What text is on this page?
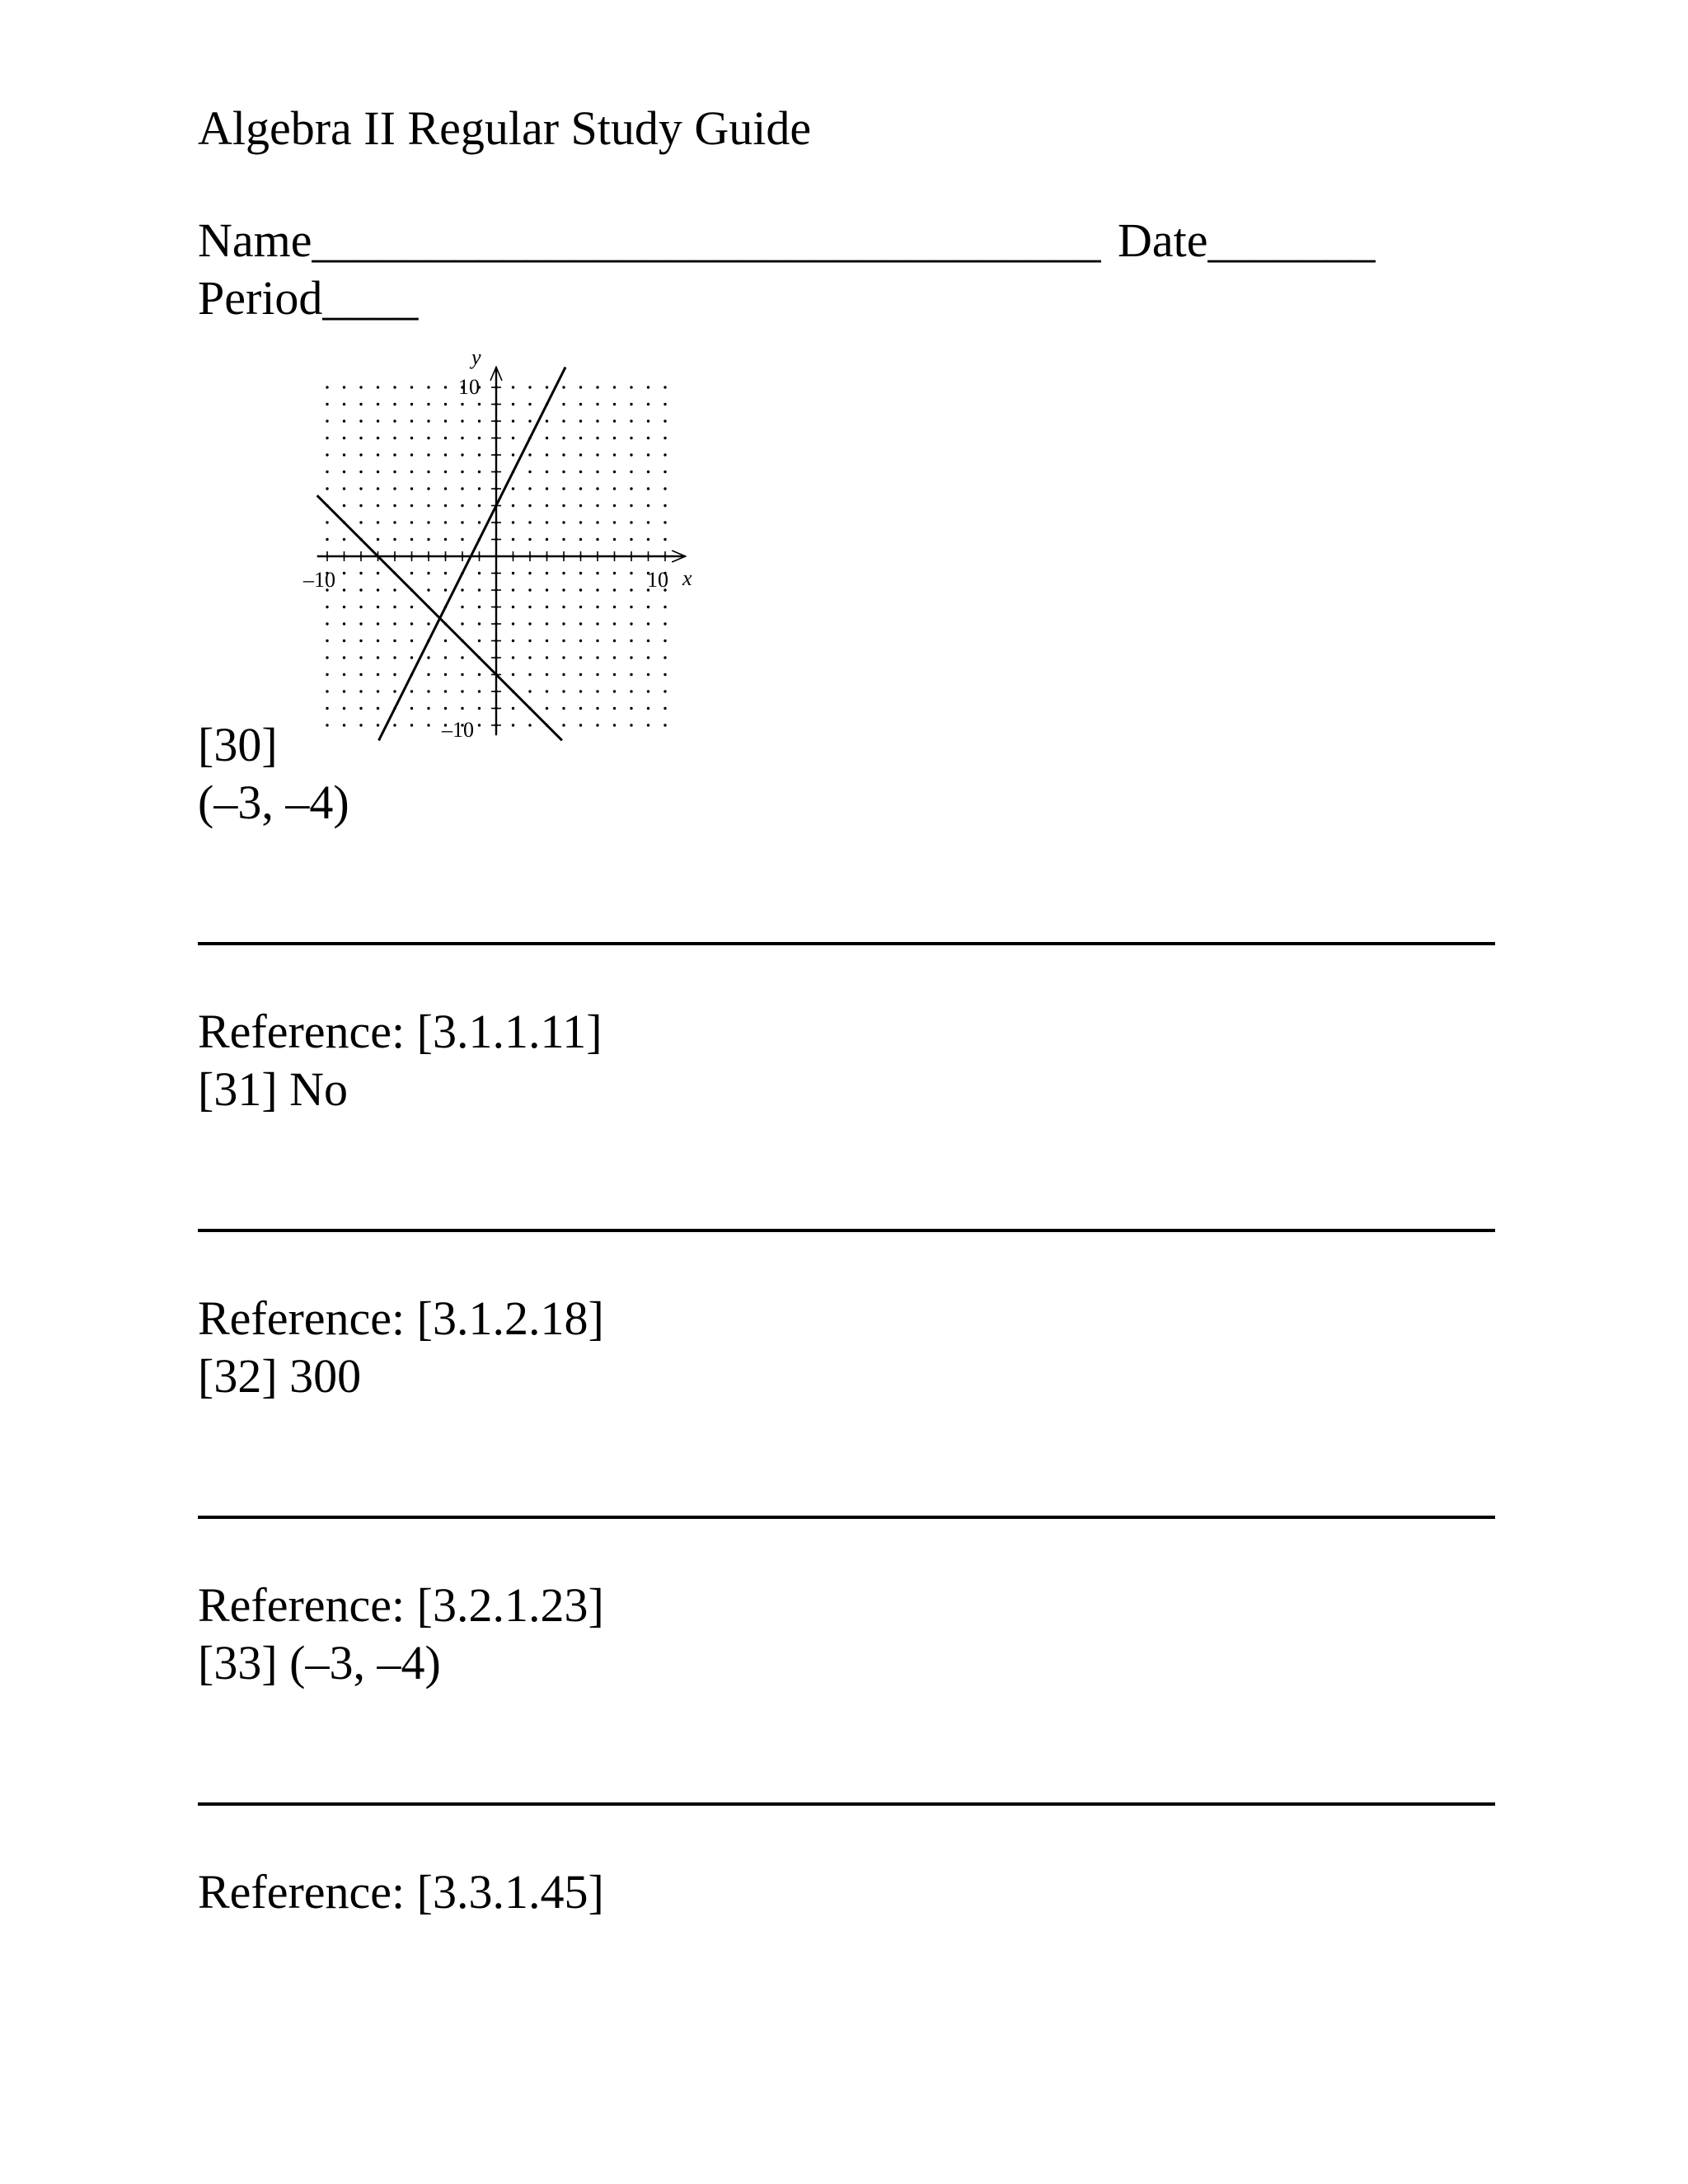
Algebra II Regular Study Guide
Name_________________________________ Date_______
Period____
y
x
10
–10
–10	10
[30]
(–3, –4)
Reference: [3.1.1.11]
[31] No
Reference: [3.1.2.18]
[32] 300
Reference: [3.2.1.23]
[33] (–3, –4)
Reference: [3.3.1.45]
